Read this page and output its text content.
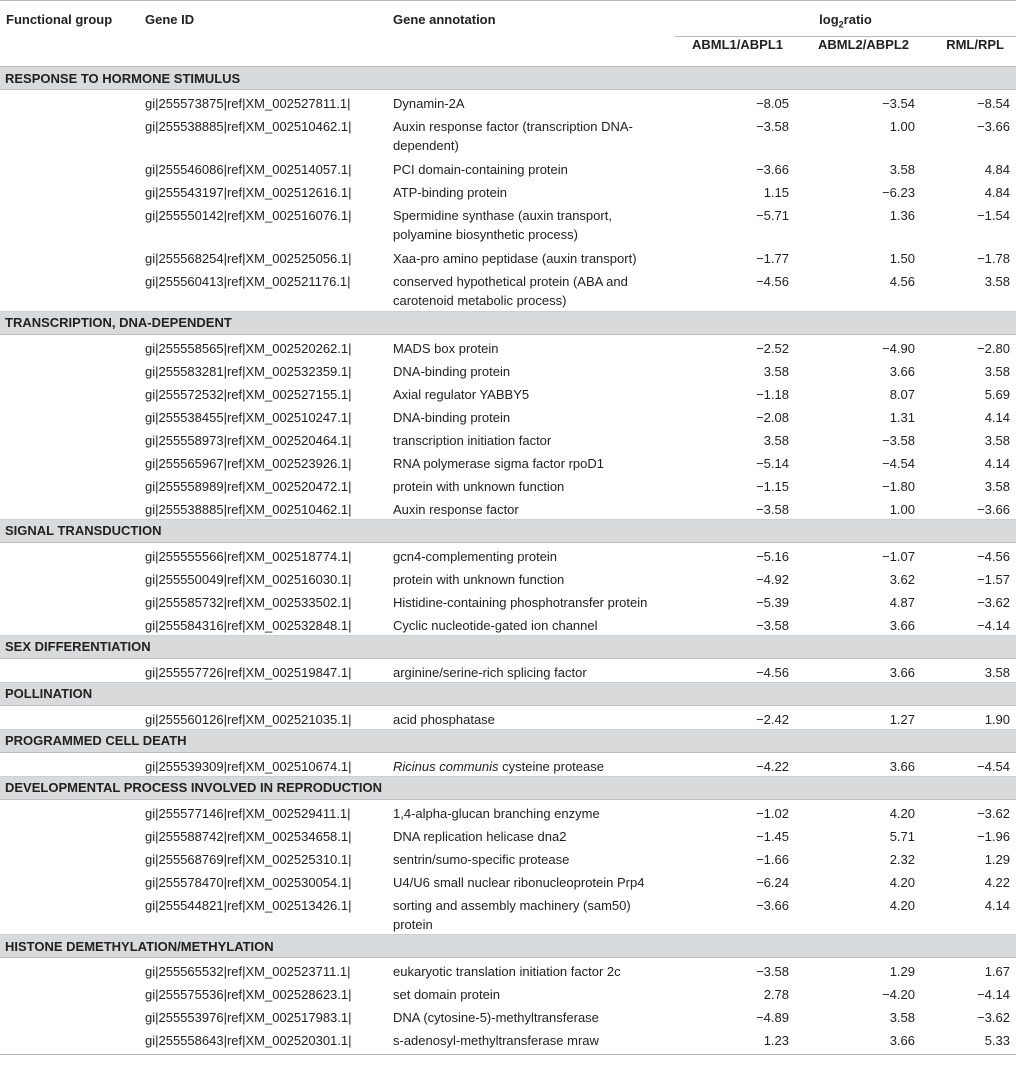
Functional group	Gene ID	Gene annotation	$\log_2ratio$		
			ABML1/ABPL1	ABML2/ABPL2	RML/RPL
RESPONSE TO HORMONE STIMULUS					
	gi|255573875|ref|XM_002527811.1|	Dynamin-2A	−8.05	−3.54	−8.54
	gi|255538885|ref|XM_002510462.1|	Auxin response factor (transcription DNA-dependent)	−3.58	1.00	−3.66
	gi|255546086|ref|XM_002514057.1|	PCI domain-containing protein	−3.66	3.58	4.84
	gi|255543197|ref|XM_002512616.1|	ATP-binding protein	1.15	−6.23	4.84
	gi|255550142|ref|XM_002516076.1|	Spermidine synthase (auxin transport, polyamine biosynthetic process)	−5.71	1.36	−1.54
	gi|255568254|ref|XM_002525056.1|	Xaa-pro amino peptidase (auxin transport)	−1.77	1.50	−1.78
	gi|255560413|ref|XM_002521176.1|	conserved hypothetical protein (ABA and carotenoid metabolic process)	−4.56	4.56	3.58
TRANSCRIPTION, DNA-DEPENDENT					
	gi|255558565|ref|XM_002520262.1|	MADS box protein	−2.52	−4.90	−2.80
	gi|255583281|ref|XM_002532359.1|	DNA-binding protein	3.58	3.66	3.58
	gi|255572532|ref|XM_002527155.1|	Axial regulator YABBY5	−1.18	8.07	5.69
	gi|255538455|ref|XM_002510247.1|	DNA-binding protein	−2.08	1.31	4.14
	gi|255558973|ref|XM_002520464.1|	transcription initiation factor	3.58	−3.58	3.58
	gi|255565967|ref|XM_002523926.1|	RNA polymerase sigma factor rpoD1	−5.14	−4.54	4.14
	gi|255558989|ref|XM_002520472.1|	protein with unknown function	−1.15	−1.80	3.58
	gi|255538885|ref|XM_002510462.1|	Auxin response factor	−3.58	1.00	−3.66
SIGNAL TRANSDUCTION					
	gi|255555566|ref|XM_002518774.1|	gcn4-complementing protein	−5.16	−1.07	−4.56
	gi|255550049|ref|XM_002516030.1|	protein with unknown function	−4.92	3.62	−1.57
	gi|255585732|ref|XM_002533502.1|	Histidine-containing phosphotransfer protein	−5.39	4.87	−3.62
	gi|255584316|ref|XM_002532848.1|	Cyclic nucleotide-gated ion channel	−3.58	3.66	−4.14
SEX DIFFERENTIATION					
	gi|255557726|ref|XM_002519847.1|	arginine/serine-rich splicing factor	−4.56	3.66	3.58
POLLINATION					
	gi|255560126|ref|XM_002521035.1|	acid phosphatase	−2.42	1.27	1.90
PROGRAMMED CELL DEATH					
	gi|255539309|ref|XM_002510674.1|	Ricinus communis cysteine protease	−4.22	3.66	−4.54
DEVELOPMENTAL PROCESS INVOLVED IN REPRODUCTION					
	gi|255577146|ref|XM_002529411.1|	1,4-alpha-glucan branching enzyme	−1.02	4.20	−3.62
	gi|255588742|ref|XM_002534658.1|	DNA replication helicase dna2	−1.45	5.71	−1.96
	gi|255568769|ref|XM_002525310.1|	sentrin/sumo-specific protease	−1.66	2.32	1.29
	gi|255578470|ref|XM_002530054.1|	U4/U6 small nuclear ribonucleoprotein Prp4	−6.24	4.20	4.22
	gi|255544821|ref|XM_002513426.1|	sorting and assembly machinery (sam50) protein	−3.66	4.20	4.14
HISTONE DEMETHYLATION/METHYLATION					
	gi|255565532|ref|XM_002523711.1|	eukaryotic translation initiation factor 2c	−3.58	1.29	1.67
	gi|255575536|ref|XM_002528623.1|	set domain protein	2.78	−4.20	−4.14
	gi|255553976|ref|XM_002517983.1|	DNA (cytosine-5)-methyltransferase	−4.89	3.58	−3.62
	gi|255558643|ref|XM_002520301.1|	s-adenosyl-methyltransferase mraw	1.23	3.66	5.33
